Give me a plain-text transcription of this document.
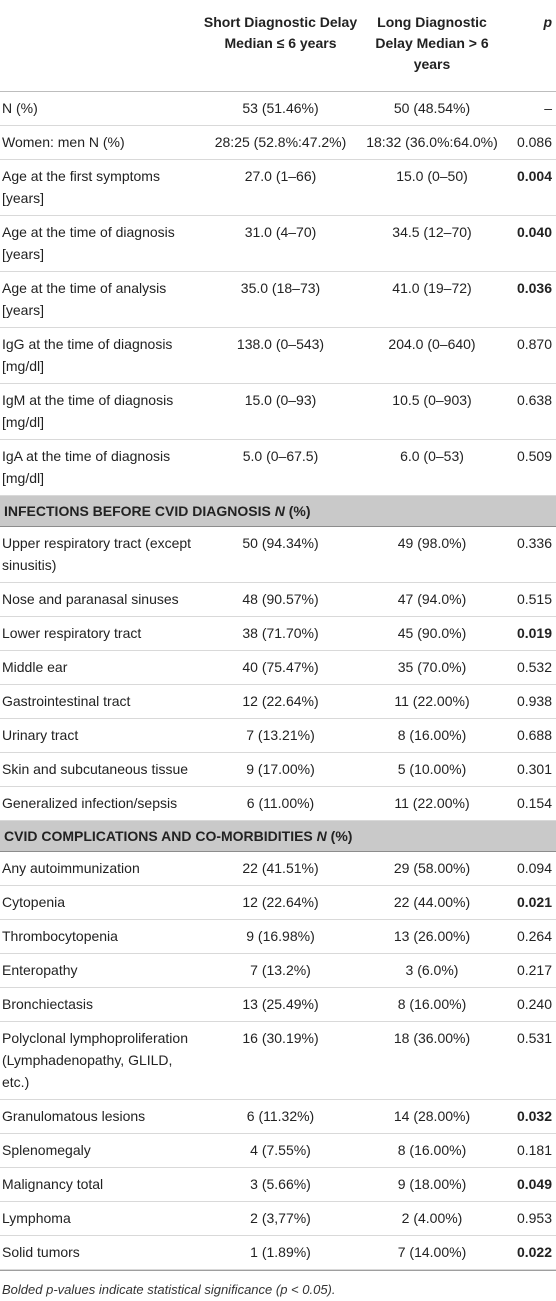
	Short Diagnostic Delay Median ≤ 6 years	Long Diagnostic Delay Median > 6 years	p
N (%)	53 (51.46%)	50 (48.54%)	–
Women: men N (%)	28:25 (52.8%:47.2%)	18:32 (36.0%:64.0%)	0.086
Age at the first symptoms [years]	27.0 (1–66)	15.0 (0–50)	0.004
Age at the time of diagnosis [years]	31.0 (4–70)	34.5 (12–70)	0.040
Age at the time of analysis [years]	35.0 (18–73)	41.0 (19–72)	0.036
IgG at the time of diagnosis [mg/dl]	138.0 (0–543)	204.0 (0–640)	0.870
IgM at the time of diagnosis [mg/dl]	15.0 (0–93)	10.5 (0–903)	0.638
IgA at the time of diagnosis [mg/dl]	5.0 (0–67.5)	6.0 (0–53)	0.509
INFECTIONS BEFORE CVID DIAGNOSIS N (%)			
Upper respiratory tract (except sinusitis)	50 (94.34%)	49 (98.0%)	0.336
Nose and paranasal sinuses	48 (90.57%)	47 (94.0%)	0.515
Lower respiratory tract	38 (71.70%)	45 (90.0%)	0.019
Middle ear	40 (75.47%)	35 (70.0%)	0.532
Gastrointestinal tract	12 (22.64%)	11 (22.00%)	0.938
Urinary tract	7 (13.21%)	8 (16.00%)	0.688
Skin and subcutaneous tissue	9 (17.00%)	5 (10.00%)	0.301
Generalized infection/sepsis	6 (11.00%)	11 (22.00%)	0.154
CVID COMPLICATIONS AND CO-MORBIDITIES N (%)			
Any autoimmunization	22 (41.51%)	29 (58.00%)	0.094
Cytopenia	12 (22.64%)	22 (44.00%)	0.021
Thrombocytopenia	9 (16.98%)	13 (26.00%)	0.264
Enteropathy	7 (13.2%)	3 (6.0%)	0.217
Bronchiectasis	13 (25.49%)	8 (16.00%)	0.240
Polyclonal lymphoproliferation (Lymphadenopathy, GLILD, etc.)	16 (30.19%)	18 (36.00%)	0.531
Granulomatous lesions	6 (11.32%)	14 (28.00%)	0.032
Splenomegaly	4 (7.55%)	8 (16.00%)	0.181
Malignancy total	3 (5.66%)	9 (18.00%)	0.049
Lymphoma	2 (3,77%)	2 (4.00%)	0.953
Solid tumors	1 (1.89%)	7 (14.00%)	0.022
Bolded p-values indicate statistical significance (p < 0.05).
